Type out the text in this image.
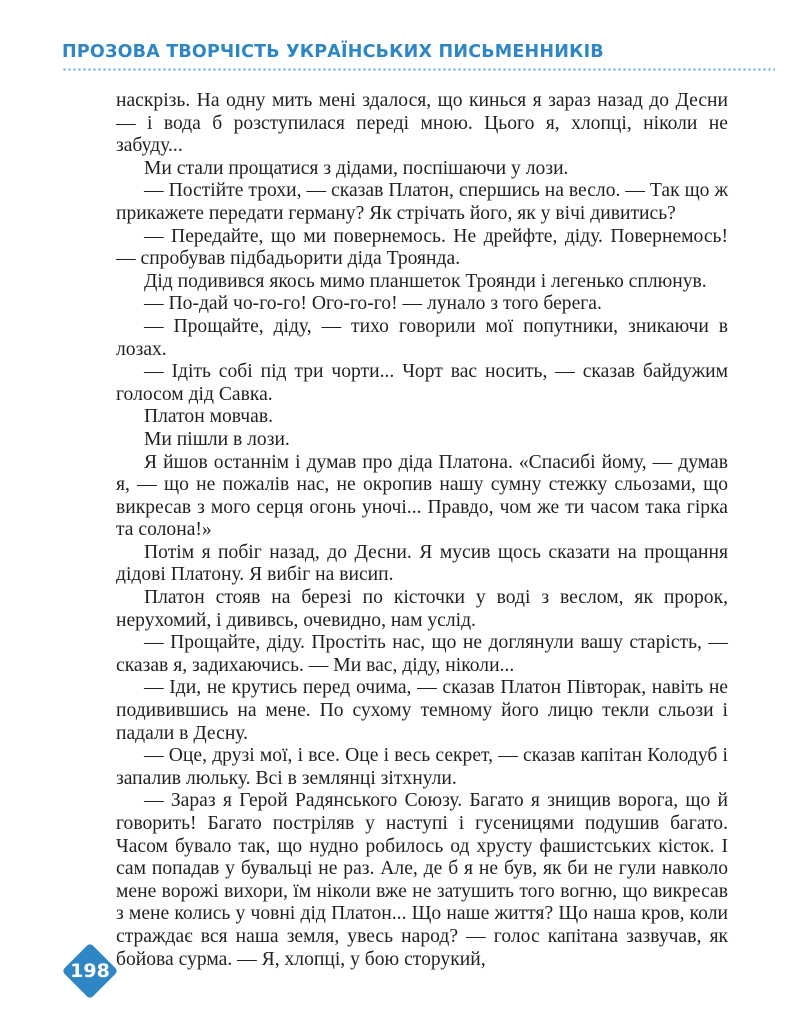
ПРОЗОВА ТВОРЧІСТЬ УКРАЇНСЬКИХ ПИСЬМЕННИКІВ

наскрізь. На одну мить мені здалося, що кинься я зараз назад до Десни — і вода б розступилася переді мною. Цього я, хлопці, ніколи не забуду...

Ми стали прощатися з дідами, поспішаючи у лози.

— Постійте трохи, — сказав Платон, спершись на весло. — Так що ж прикажете передати герману? Як стрічать його, як у вічі дивитись?

— Передайте, що ми повернемось. Не дрейфте, діду. Повернемось! — спробував підбадьорити діда Троянда.

Дід подивився якось мимо планшеток Троянди і легенько сплюнув.

— По-дай чо-го-го! Ого-го-го! — лунало з того берега.

— Прощайте, діду, — тихо говорили мої попутники, зникаючи в лозах.

— Ідіть собі під три чорти... Чорт вас носить, — сказав байдужим голосом дід Савка.

Платон мовчав.

Ми пішли в лози.

Я йшов останнім і думав про діда Платона. «Спасибі йому, — думав я, — що не пожалів нас, не окропив нашу сумну стежку сльозами, що викресав з мого серця огонь уночі... Правдо, чом же ти часом така гірка та солона!»

Потім я побіг назад, до Десни. Я мусив щось сказати на прощання дідові Платону. Я вибіг на висип.

Платон стояв на березі по кісточки у воді з веслом, як пророк, нерухомий, і дививсь, очевидно, нам услід.

— Прощайте, діду. Простіть нас, що не доглянули вашу старість, — сказав я, задихаючись. — Ми вас, діду, ніколи...

— Іди, не крутись перед очима, — сказав Платон Півторак, навіть не подивившись на мене. По сухому темному його лицю текли сльози і падали в Десну.

— Оце, друзі мої, і все. Оце і весь секрет, — сказав капітан Колодуб і запалив люльку. Всі в землянці зітхнули.

— Зараз я Герой Радянського Союзу. Багато я знищив ворога, що й говорить! Багато постріляв у наступі і гусеницями подушив багато. Часом бувало так, що нудно робилось од хрусту фашистських кісток. І сам попадав у бувальці не раз. Але, де б я не був, як би не гули навколо мене ворожі вихори, їм ніколи вже не затушить того вогню, що викресав з мене колись у човні дід Платон... Що наше життя? Що наша кров, коли страждає вся наша земля, увесь народ? — голос капітана зазвучав, як бойова сурма. — Я, хлопці, у бою сторукий,

198
